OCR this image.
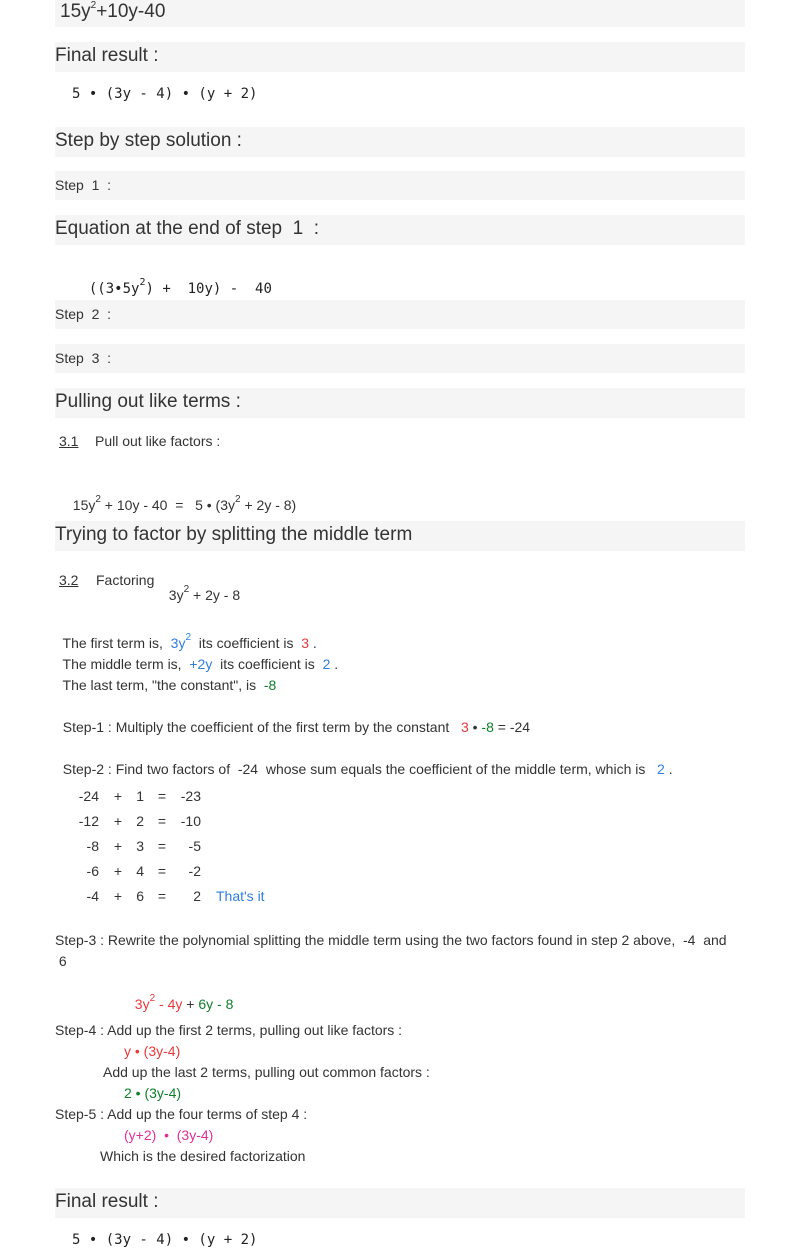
$15y^2+10y-40$
Final result :
5 • (3y - 4) • (y + 2)
Step by step solution :
Step  1  :
Equation at the end of step  1  :

$((3•5y^2) + 10y) - 40$

Step  2  :
Step  3  :
Pulling out like terms :
3.1 Pull out like factors :

$15y^2 + 10y - 40 = 5$ • $(3y^2 + 2y - 8)$

Trying to factor by splitting the middle term
3.2 Factoring

$3y^2 + 2y - 8$

The first term is,  $3y^2$  its coefficient is  3 .

The middle term is,  +2y  its coefficient is  2 .

The last term, "the constant", is  -8

Step-1 : Multiply the coefficient of the first term by the constant   3 • -8 = -24

Step-2 : Find two factors of  -24  whose sum equals the coefficient of the middle term, which is   2 .

-24 +	1 =	-23
-12 +	2 =	-10
-8 +	3 =	-5
-6 +	4 =	-2
-4 +	6 =	2 That's it
Step-3 : Rewrite the polynomial splitting the middle term using the two factors found in step 2 above,  -4  and
6

$3y^2 - 4y + 6y - 8$

Step-4 : Add up the first 2 terms, pulling out like factors :
y • (3y-4)
Add up the last 2 terms, pulling out common factors :
2 • (3y-4)
Step-5 : Add up the four terms of step 4 :
(y+2)  •  (3y-4)
Which is the desired factorization
Final result :
5 • (3y - 4) • (y + 2)
